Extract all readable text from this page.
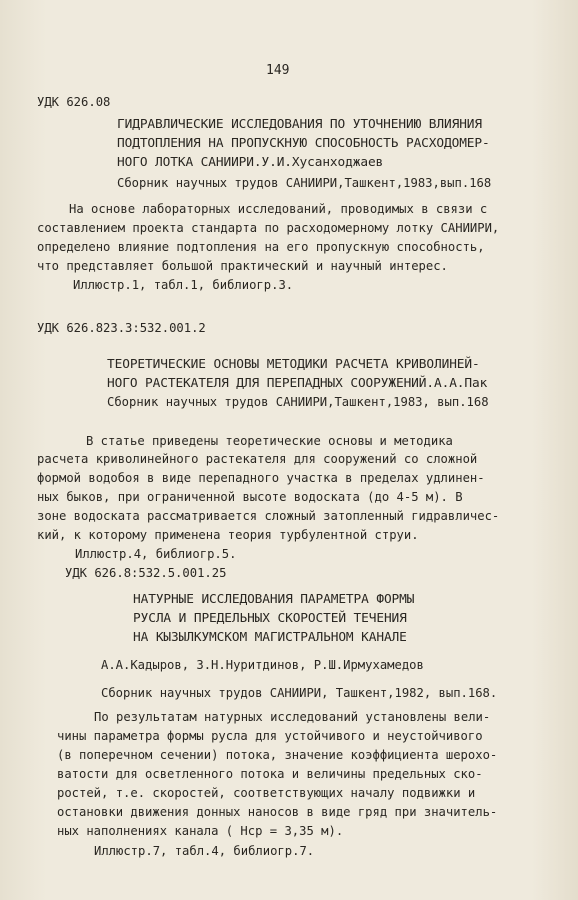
149
УДК 626.08
ГИДРАВЛИЧЕСКИЕ ИССЛЕДОВАНИЯ ПО УТОЧНЕНИЮ ВЛИЯНИЯ
ПОДТОПЛЕНИЯ НА ПРОПУСКНУЮ СПОСОБНОСТЬ РАСХОДОМЕР-
НОГО ЛОТКА САНИИРИ.У.И.Хусанходжаев
Сборник научных трудов САНИИРИ,Ташкент,1983,вып.168
На основе лабораторных исследований, проводимых в связи с
составлением проекта стандарта по расходомерному лотку САНИИРИ,
определено влияние подтопления на его пропускную способность,
что представляет большой практический и научный интерес.
Иллюстр.1, табл.1, библиогр.3.
УДК 626.823.3:532.001.2
ТЕОРЕТИЧЕСКИЕ ОСНОВЫ МЕТОДИКИ РАСЧЕТА КРИВОЛИНЕЙ-
НОГО РАСТЕКАТЕЛЯ ДЛЯ ПЕРЕПАДНЫХ СООРУЖЕНИЙ.А.А.Пак
Сборник научных трудов САНИИРИ,Ташкент,1983, вып.168
В статье приведены теоретические основы и методика
расчета криволинейного растекателя для сооружений со сложной
формой водобоя в виде перепадного участка в пределах удлинен-
ных быков, при ограниченной высоте водоската (до 4-5 м). В
зоне водоската рассматривается сложный затопленный гидравличес-
кий, к которому применена теория турбулентной струи.
Иллюстр.4, библиогр.5.
УДК 626.8:532.5.001.25
НАТУРНЫЕ ИССЛЕДОВАНИЯ ПАРАМЕТРА ФОРМЫ
РУСЛА И ПРЕДЕЛЬНЫХ СКОРОСТЕЙ ТЕЧЕНИЯ
НА КЫЗЫЛКУМСКОМ МАГИСТРАЛЬНОМ КАНАЛЕ
А.А.Кадыров, З.Н.Нуритдинов, Р.Ш.Ирмухамедов
Сборник научных трудов САНИИРИ, Ташкент,1982, вып.168.
По результатам натурных исследований установлены вели-
чины параметра формы русла для устойчивого и неустойчивого
(в поперечном сечении) потока, значение коэффициента шерохо-
ватости для осветленного потока и величины предельных ско-
ростей, т.е. скоростей, соответствующих началу подвижки и
остановки движения донных наносов в виде гряд при значитель-
ных наполнениях канала ( Нср = 3,35 м).
Иллюстр.7, табл.4, библиогр.7.
